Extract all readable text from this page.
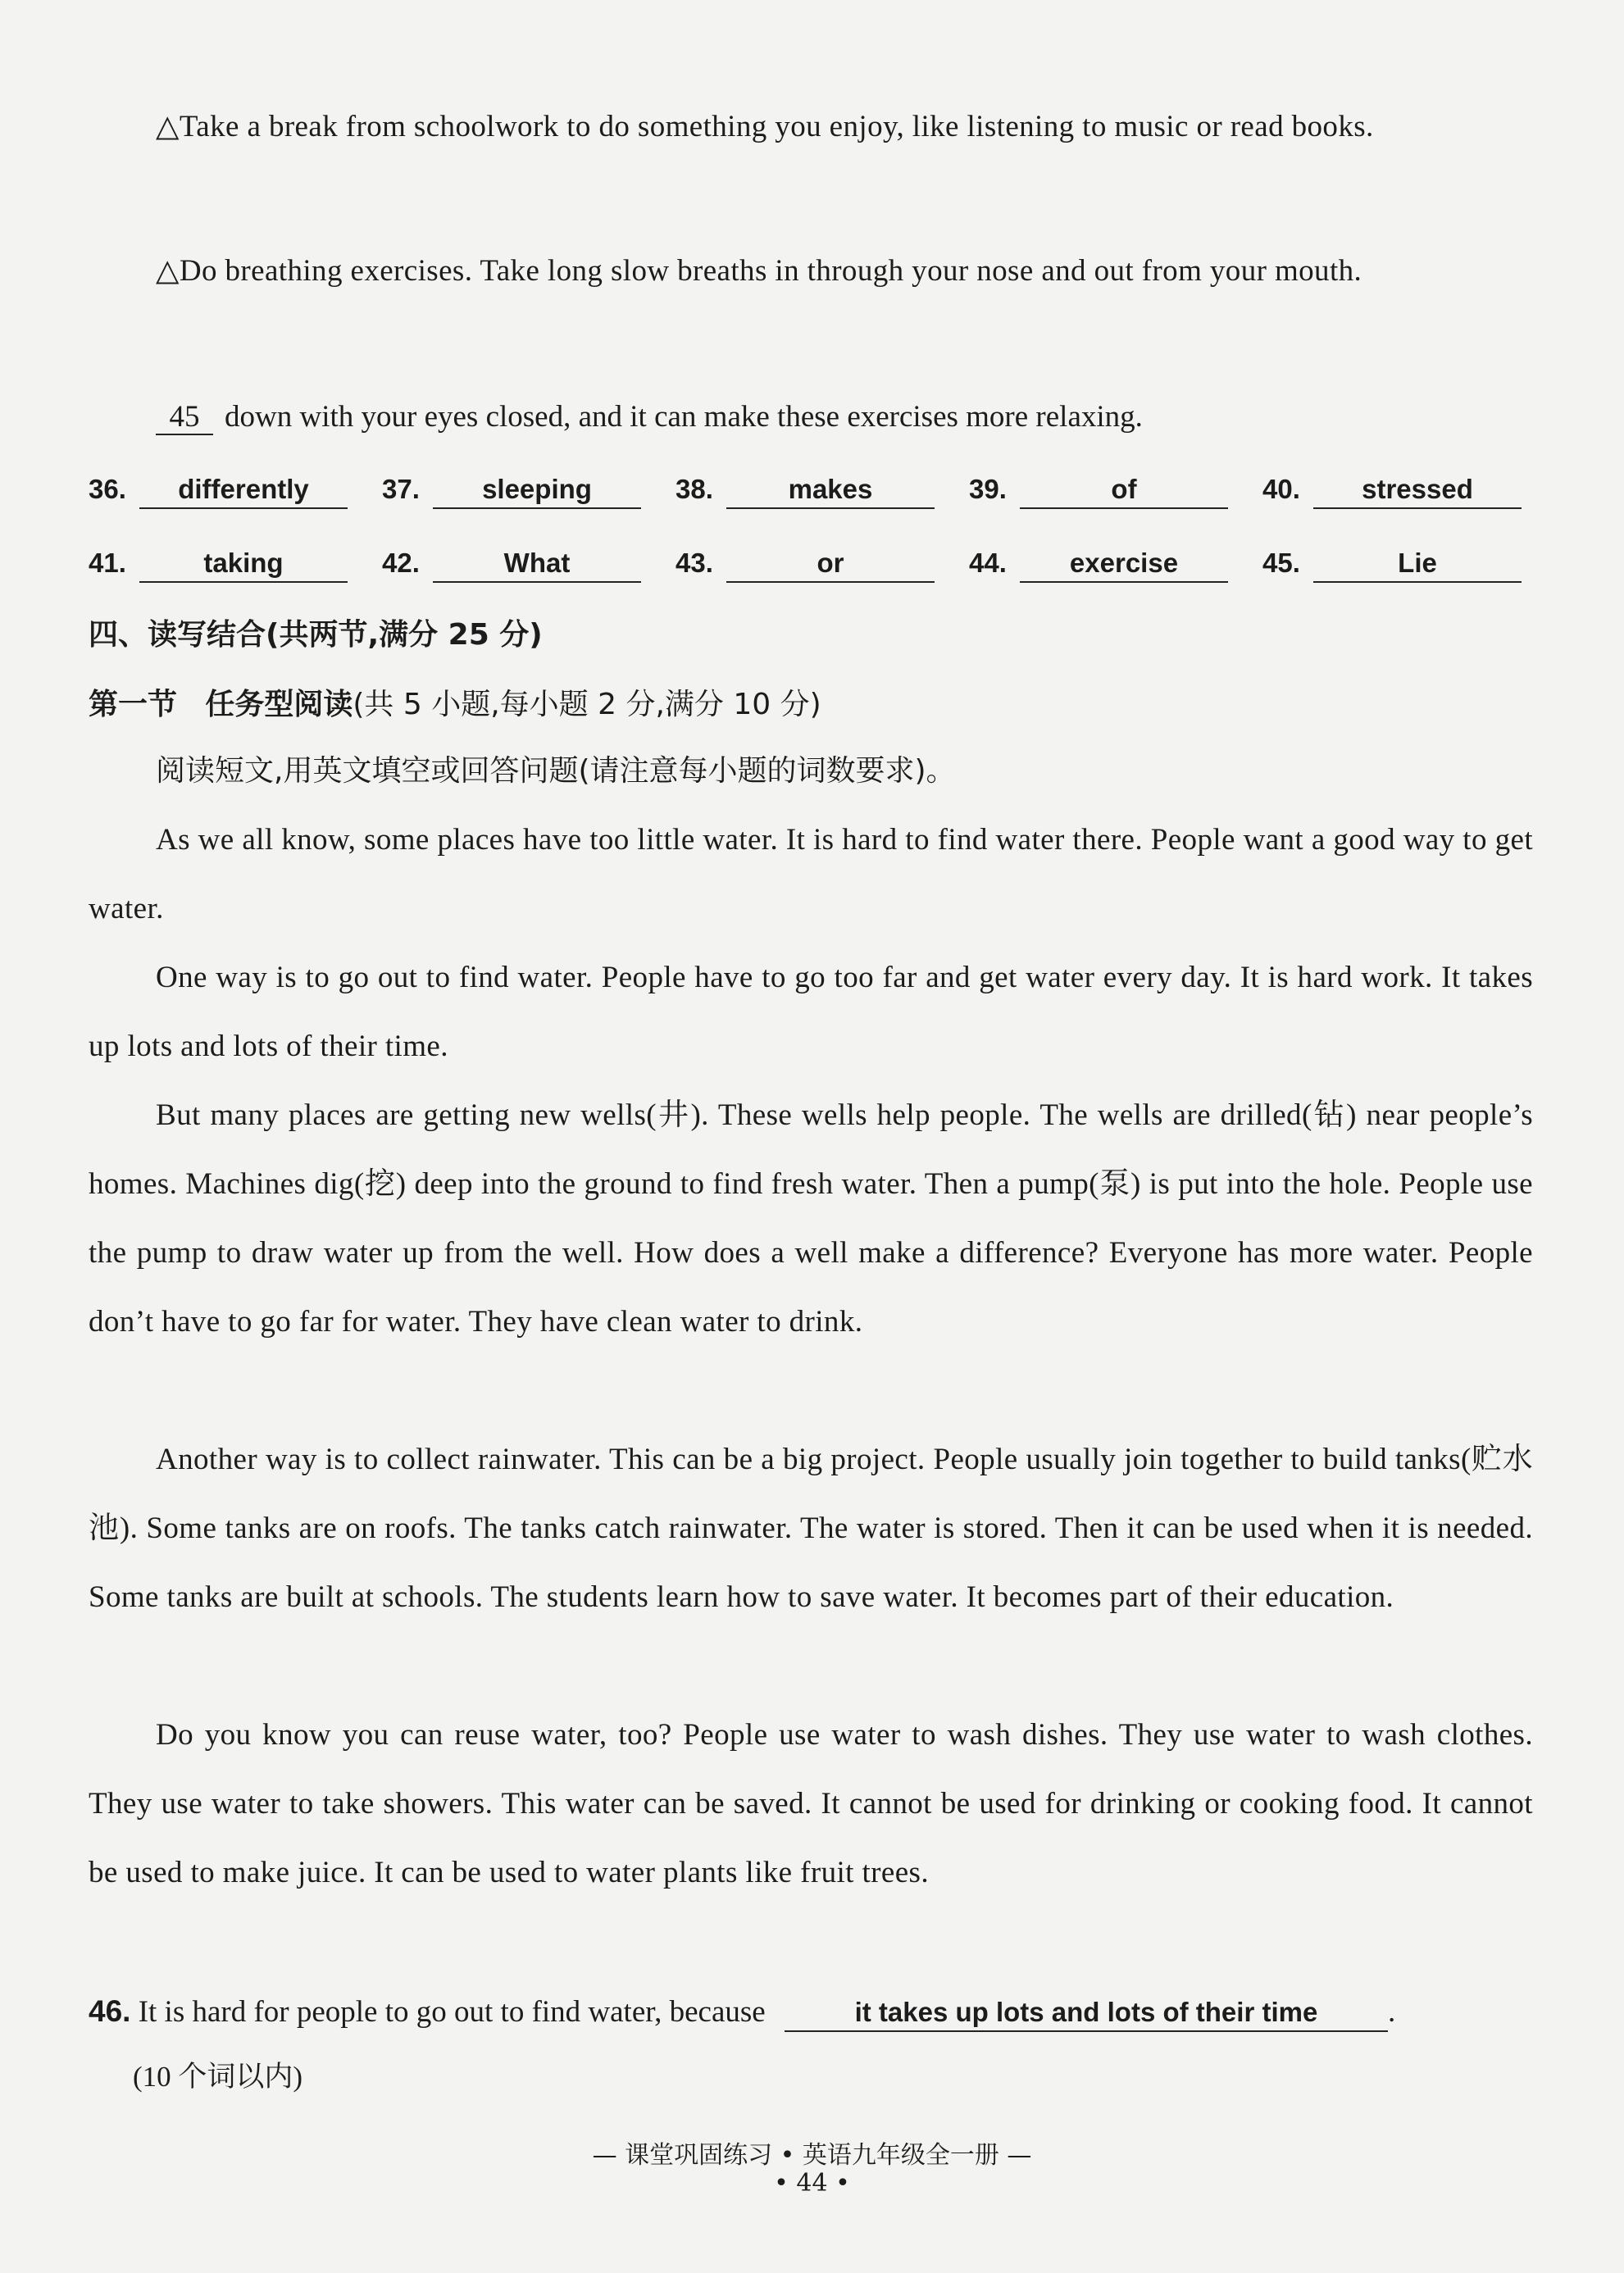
△Take a break from schoolwork to do something you enjoy, like listening to music or read books.
△Do breathing exercises. Take long slow breaths in through your nose and out from your mouth.
45 down with your eyes closed, and it can make these exercises more relaxing.
36.	differently	37.	sleeping	38.	makes	39.	of	40.	stressed
41.	taking	42.	What	43.	or	44.	exercise	45.	Lie
四、读写结合(共两节,满分 25 分)
第一节 任务型阅读(共 5 小题,每小题 2 分,满分 10 分)
阅读短文,用英文填空或回答问题(请注意每小题的词数要求)。
As we all know, some places have too little water. It is hard to find water there. People want a good way to get water.
One way is to go out to find water. People have to go too far and get water every day. It is hard work. It takes up lots and lots of their time.
But many places are getting new wells(井). These wells help people. The wells are drilled(钻) near people’s homes. Machines dig(挖) deep into the ground to find fresh water. Then a pump(泵) is put into the hole. People use the pump to draw water up from the well. How does a well make a difference? Everyone has more water. People don’t have to go far for water. They have clean water to drink.
Another way is to collect rainwater. This can be a big project. People usually join together to build tanks(贮水池). Some tanks are on roofs. The tanks catch rainwater. The water is stored. Then it can be used when it is needed. Some tanks are built at schools. The students learn how to save water. It becomes part of their education.
Do you know you can reuse water, too? People use water to wash dishes. They use water to wash clothes. They use water to take showers. This water can be saved. It cannot be used for drinking or cooking food. It cannot be used to make juice. It can be used to water plants like fruit trees.
46. It is hard for people to go out to find water, because	it takes up lots and lots of their time .
(10 个词以内)
— 课堂巩固练习 • 英语九年级全一册 —
• 44 •
